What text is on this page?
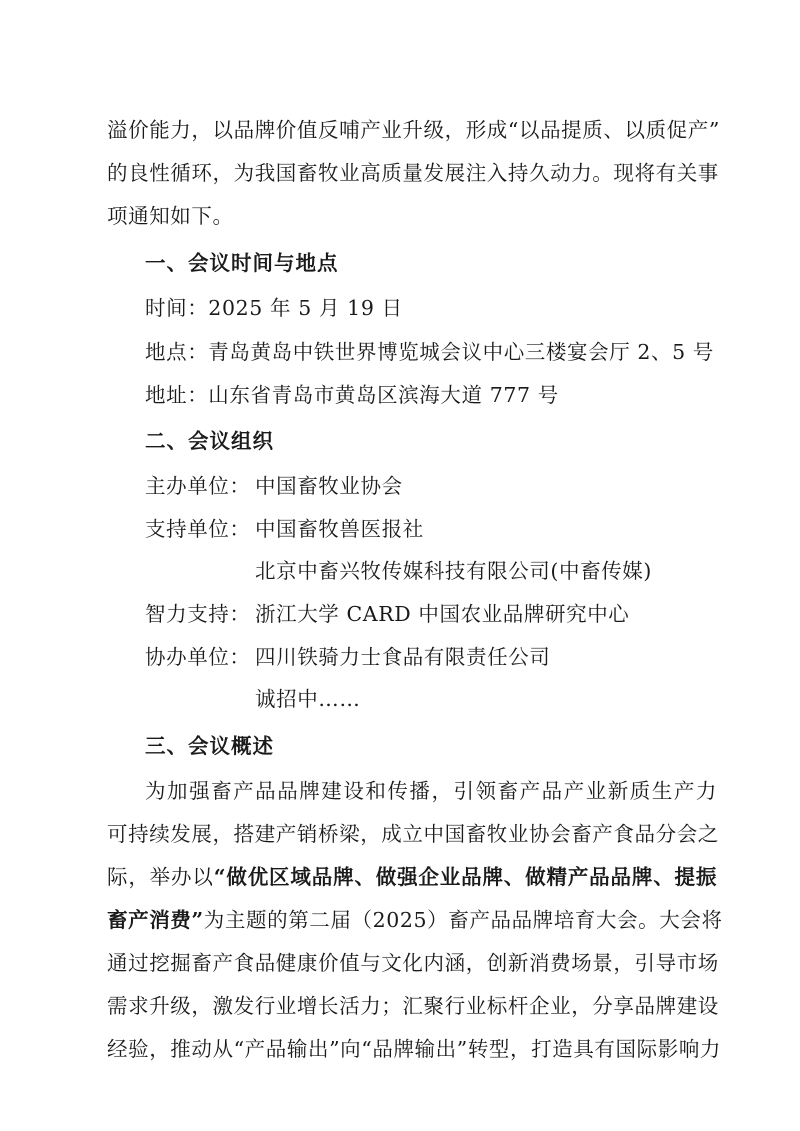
溢价能力，以品牌价值反哺产业升级，形成“以品提质、以质促产”
的良性循环，为我国畜牧业高质量发展注入持久动力。现将有关事
项通知如下。
一、会议时间与地点
时间：2025 年 5 月 19 日
地点：青岛黄岛中铁世界博览城会议中心三楼宴会厅 2、5 号
地址：山东省青岛市黄岛区滨海大道 777 号
二、会议组织
主办单位： 中国畜牧业协会
支持单位： 中国畜牧兽医报社
北京中畜兴牧传媒科技有限公司(中畜传媒)
智力支持： 浙江大学 CARD 中国农业品牌研究中心
协办单位： 四川铁骑力士食品有限责任公司
诚招中……
三、会议概述
为加强畜产品品牌建设和传播，引领畜产品产业新质生产力
可持续发展，搭建产销桥梁，成立中国畜牧业协会畜产食品分会之
际，举办以“做优区域品牌、做强企业品牌、做精产品品牌、提振
畜产消费”为主题的第二届（2025）畜产品品牌培育大会。大会将
通过挖掘畜产食品健康价值与文化内涵，创新消费场景，引导市场
需求升级，激发行业增长活力；汇聚行业标杆企业，分享品牌建设
经验，推动从“产品输出”向“品牌输出”转型，打造具有国际影响力
